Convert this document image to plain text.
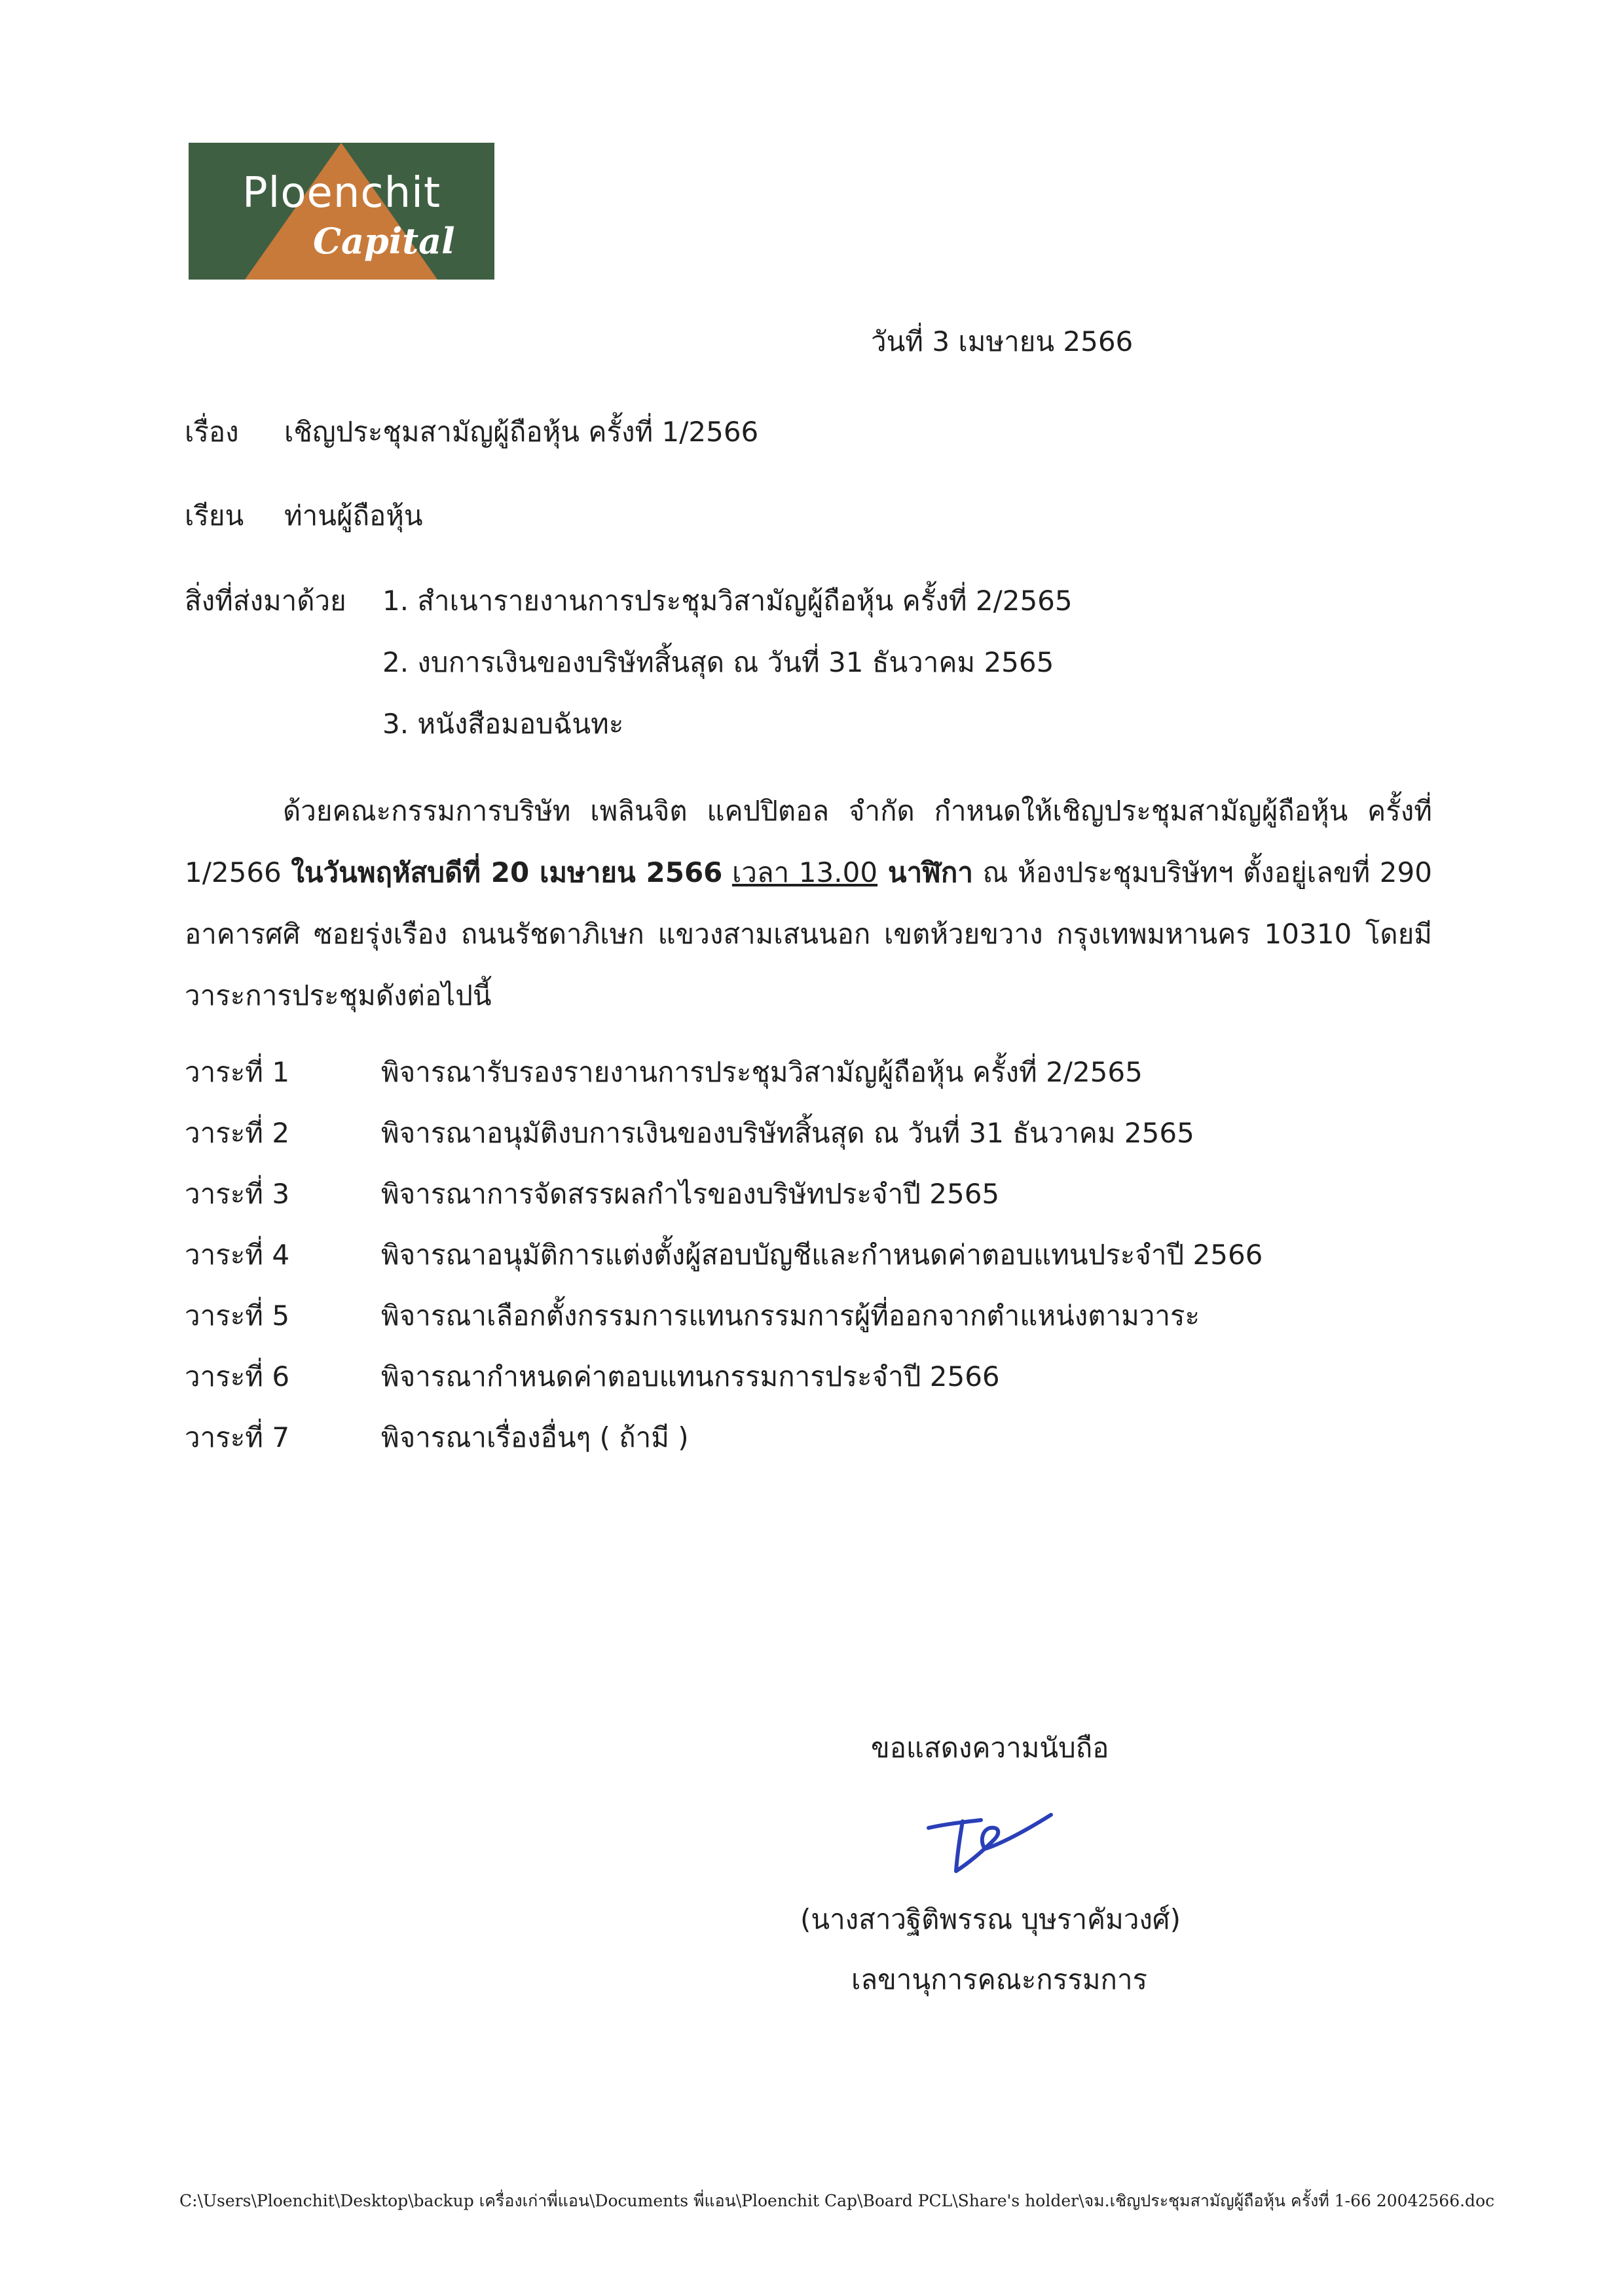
Ploenchit
Capital
วันที่ 3 เมษายน 2566
เรื่อง เชิญประชุมสามัญผู้ถือหุ้น ครั้งที่ 1/2566
เรียน ท่านผู้ถือหุ้น
สิ่งที่ส่งมาด้วย 1. สำเนารายงานการประชุมวิสามัญผู้ถือหุ้น ครั้งที่ 2/2565
2. งบการเงินของบริษัทสิ้นสุด ณ วันที่ 31 ธันวาคม 2565
3. หนังสือมอบฉันทะ
ด้วยคณะกรรมการบริษัท เพลินจิต แคปปิตอล จำกัด กำหนดให้เชิญประชุมสามัญผู้ถือหุ้น ครั้งที่ 1/2566 ในวันพฤหัสบดีที่ 20 เมษายน 2566 เวลา 13.00 นาฬิกา ณ ห้องประชุมบริษัทฯ ตั้งอยู่เลขที่ 290 อาคารศศิ ซอยรุ่งเรือง ถนนรัชดาภิเษก แขวงสามเสนนอก เขตห้วยขวาง กรุงเทพมหานคร 10310 โดยมีวาระการประชุมดังต่อไปนี้
วาระที่ 1	พิจารณารับรองรายงานการประชุมวิสามัญผู้ถือหุ้น ครั้งที่ 2/2565
วาระที่ 2	พิจารณาอนุมัติงบการเงินของบริษัทสิ้นสุด ณ วันที่ 31 ธันวาคม 2565
วาระที่ 3	พิจารณาการจัดสรรผลกำไรของบริษัทประจำปี 2565
วาระที่ 4	พิจารณาอนุมัติการแต่งตั้งผู้สอบบัญชีและกำหนดค่าตอบแทนประจำปี 2566
วาระที่ 5	พิจารณาเลือกตั้งกรรมการแทนกรรมการผู้ที่ออกจากตำแหน่งตามวาระ
วาระที่ 6	พิจารณากำหนดค่าตอบแทนกรรมการประจำปี 2566
วาระที่ 7	พิจารณาเรื่องอื่นๆ ( ถ้ามี )
ขอแสดงความนับถือ
(นางสาวฐิติพรรณ บุษราคัมวงศ์)
เลขานุการคณะกรรมการ
C:\Users\Ploenchit\Desktop\backup เครื่องเก่าพี่แอน\Documents พี่แอน\Ploenchit Cap\Board PCL\Share's holder\จม.เชิญประชุมสามัญผู้ถือหุ้น ครั้งที่ 1-66 20042566.doc
